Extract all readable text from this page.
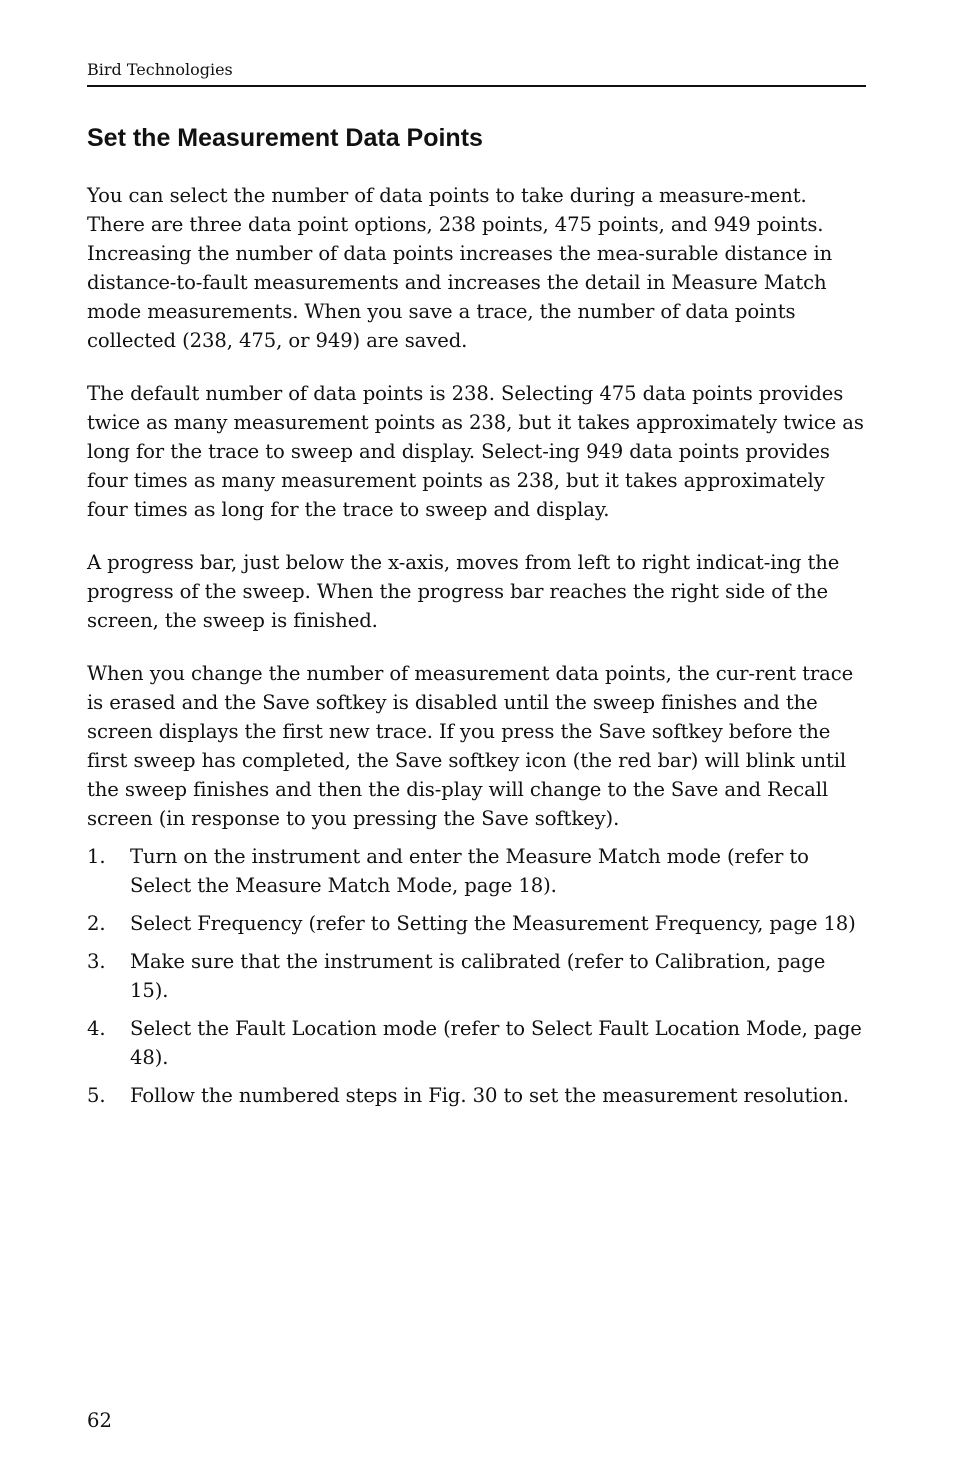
Bird Technologies
Set the Measurement Data Points

You can select the number of data points to take during a measure-ment. There are three data point options, 238 points, 475 points, and 949 points. Increasing the number of data points increases the mea-surable distance in distance-to-fault measurements and increases the detail in Measure Match mode measurements. When you save a trace, the number of data points collected (238, 475, or 949) are saved.

The default number of data points is 238. Selecting 475 data points provides twice as many measurement points as 238, but it takes approximately twice as long for the trace to sweep and display. Select-ing 949 data points provides four times as many measurement points as 238, but it takes approximately four times as long for the trace to sweep and display.

A progress bar, just below the x-axis, moves from left to right indicat-ing the progress of the sweep. When the progress bar reaches the right side of the screen, the sweep is finished.

When you change the number of measurement data points, the cur-rent trace is erased and the Save softkey is disabled until the sweep finishes and the screen displays the first new trace. If you press the Save softkey before the first sweep has completed, the Save softkey icon (the red bar) will blink until the sweep finishes and then the dis-play will change to the Save and Recall screen (in response to you pressing the Save softkey).

1. Turn on the instrument and enter the Measure Match mode (refer to Select the Measure Match Mode, page 18).
2. Select Frequency (refer to Setting the Measurement Frequency, page 18)
3. Make sure that the instrument is calibrated (refer to Calibration, page 15).
4. Select the Fault Location mode (refer to Select Fault Location Mode, page 48).
5. Follow the numbered steps in Fig. 30 to set the measurement resolution.
62
